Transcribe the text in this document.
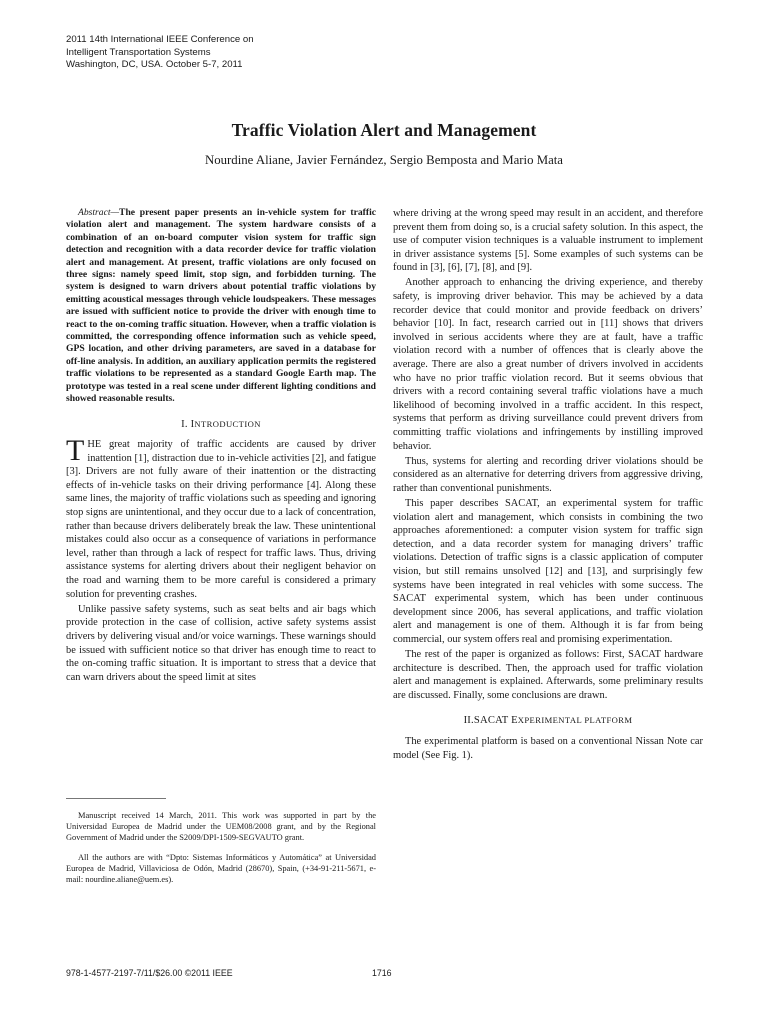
2011 14th International IEEE Conference on
Intelligent Transportation Systems
Washington, DC, USA. October 5-7, 2011
Traffic Violation Alert and Management
Nourdine Aliane, Javier Fernández, Sergio Bemposta and Mario Mata

Abstract—The present paper presents an in-vehicle system for traffic violation alert and management. The system hardware consists of a combination of an on-board computer vision system for traffic sign detection and recognition with a data recorder device for traffic violation alert and management. At present, traffic violations are only focused on three signs: namely speed limit, stop sign, and forbidden turning. The system is designed to warn drivers about potential traffic violations by emitting acoustical messages through vehicle loudspeakers. These messages are issued with sufficient notice to provide the driver with enough time to react to the on-coming traffic situation. However, when a traffic violation is committed, the corresponding offence information such as vehicle speed, GPS location, and other driving parameters, are saved in a database for off-line analysis. In addition, an auxiliary application permits the registered traffic violations to be represented as a standard Google Earth map. The prototype was tested in a real scene under different lighting conditions and showed reasonable results.

I. INTRODUCTION

THE great majority of traffic accidents are caused by driver inattention [1], distraction due to in-vehicle activities [2], and fatigue [3]. Drivers are not fully aware of their inattention or the distracting effects of in-vehicle tasks on their driving performance [4]. Along these same lines, the majority of traffic violations such as speeding and ignoring stop signs are unintentional, and they occur due to a lack of concentration, rather than because drivers deliberately break the law. These unintentional mistakes could also occur as a consequence of variations in performance level, rather than through a lack of respect for traffic laws. Thus, driving assistance systems for alerting drivers about their negligent behavior on the road and warning them to be more careful is considered a primary solution for preventing crashes.

Unlike passive safety systems, such as seat belts and air bags which provide protection in the case of collision, active safety systems assist drivers by delivering visual and/or voice warnings. These warnings should be issued with sufficient notice so that driver has enough time to react to the on-coming traffic situation. It is important to stress that a device that can warn drivers about the speed limit at sites

Manuscript received 14 March, 2011. This work was supported in part by the Universidad Europea de Madrid under the UEM08/2008 grant, and by the Regional Government of Madrid under the S2009/DPI-1509-SEGVAUTO grant.

All the authors are with “Dpto: Sistemas Informáticos y Automática” at Universidad Europea de Madrid, Villaviciosa de Odón, Madrid (28670), Spain, (+34-91-211-5671, e-mail: nourdine.aliane@uem.es).

where driving at the wrong speed may result in an accident, and therefore prevent them from doing so, is a crucial safety solution. In this aspect, the use of computer vision techniques is a valuable instrument to implement in driver assistance systems [5]. Some examples of such systems can be found in [3], [6], [7], [8], and [9].

Another approach to enhancing the driving experience, and thereby safety, is improving driver behavior. This may be achieved by a data recorder device that could monitor and provide feedback on drivers’ behavior [10]. In fact, research carried out in [11] shows that drivers involved in serious accidents where they are at fault, have a traffic violation record with a number of offences that is clearly above the average. There are also a great number of drivers involved in accidents who have no prior traffic violation record. But it seems obvious that drivers with a record containing several traffic violations have a much likelihood of becoming involved in a traffic accident. In this respect, systems that perform as driving surveillance could prevent drivers from committing traffic violations and infringements by instilling improved behavior.

Thus, systems for alerting and recording driver violations should be considered as an alternative for deterring drivers from aggressive driving, rather than conventional punishments.

This paper describes SACAT, an experimental system for traffic violation alert and management, which consists in combining the two approaches aforementioned: a computer vision system for traffic sign detection, and a data recorder system for managing drivers’ traffic violations. Detection of traffic signs is a classic application of computer vision, but still remains unsolved [12] and [13], and surprisingly few systems have been integrated in real vehicles with some success. The SACAT experimental system, which has been under continuous development since 2006, has several applications, and traffic violation alert and management is one of them. Although it is far from being commercial, our system offers real and promising experimentation.

The rest of the paper is organized as follows: First, SACAT hardware architecture is described. Then, the approach used for traffic violation alert and management is explained. Afterwards, some preliminary results are discussed. Finally, some conclusions are drawn.

II.SACAT EXPERIMENTAL PLATFORM

The experimental platform is based on a conventional Nissan Note car model (See Fig. 1).

978-1-4577-2197-7/11/$26.00 ©2011 IEEE	1716
